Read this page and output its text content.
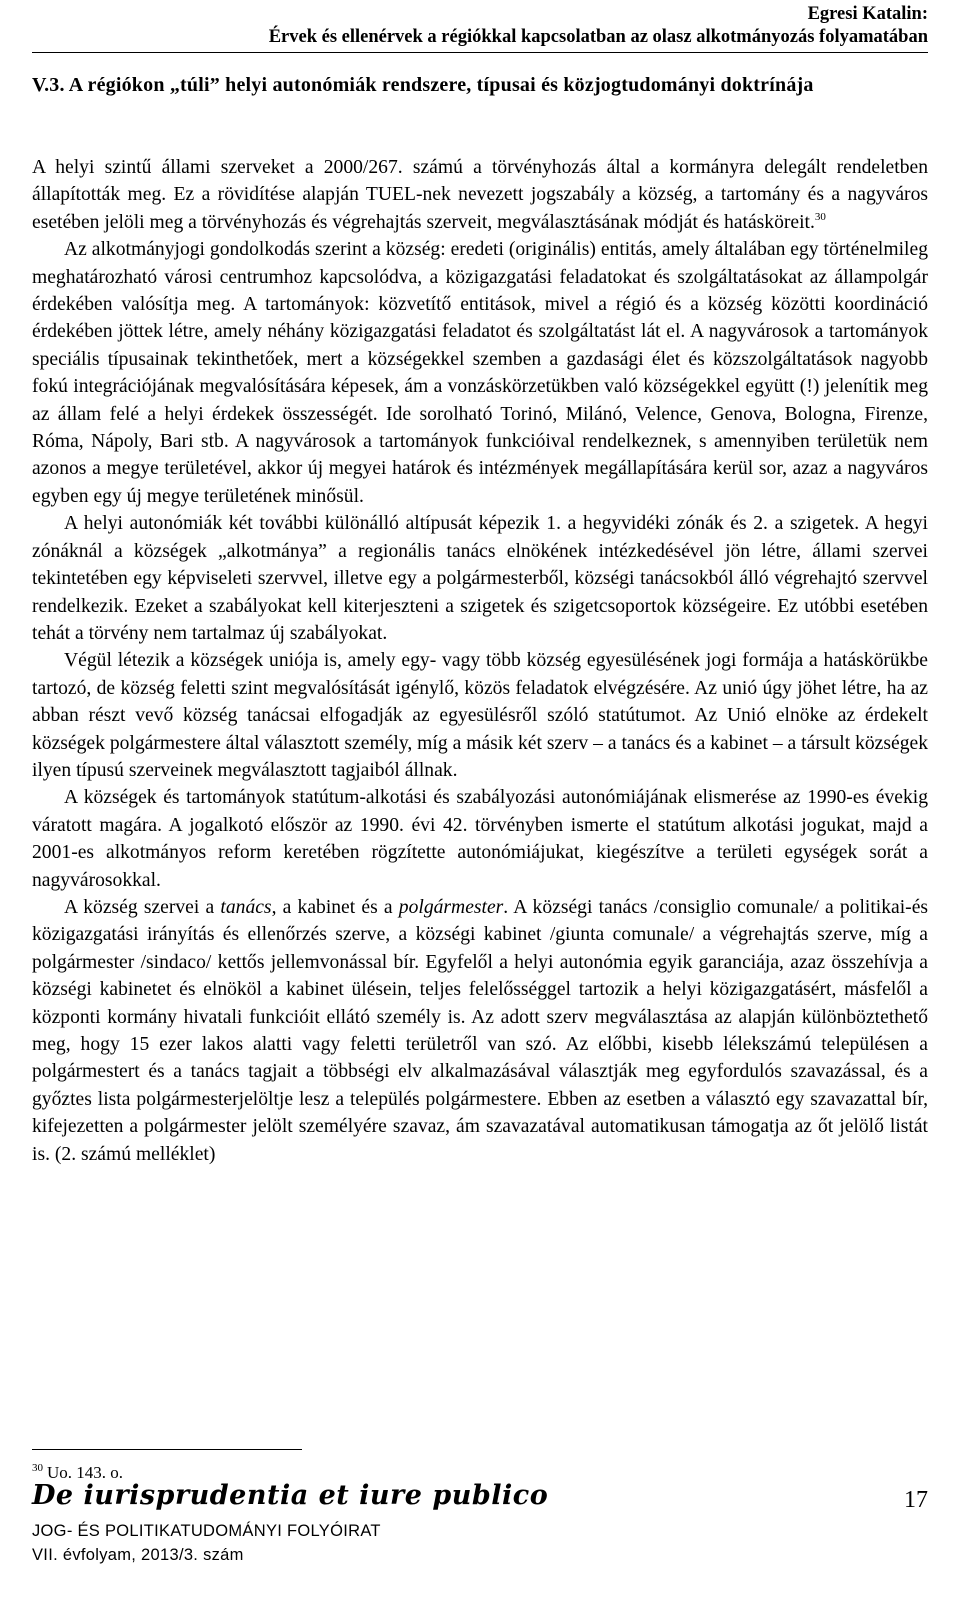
Egresi Katalin:
Érvek és ellenérvek a régiókkal kapcsolatban az olasz alkotmányozás folyamatában
V.3. A régiókon „túli” helyi autonómiák rendszere, típusai és közjogtudományi doktrínája

A helyi szintű állami szerveket a 2000/267. számú a törvényhozás által a kormányra delegált rendeletben állapították meg. Ez a rövidítése alapján TUEL-nek nevezett jogszabály a község, a tartomány és a nagyváros esetében jelöli meg a törvényhozás és végrehajtás szerveit, megválasztásának módját és hatásköreit.$^{30}$

Az alkotmányjogi gondolkodás szerint a község: eredeti (originális) entitás, amely általában egy történelmileg meghatározható városi centrumhoz kapcsolódva, a közigazgatási feladatokat és szolgáltatásokat az állampolgár érdekében valósítja meg. A tartományok: közvetítő entitások, mivel a régió és a község közötti koordináció érdekében jöttek létre, amely néhány közigazgatási feladatot és szolgáltatást lát el. A nagyvárosok a tartományok speciális típusainak tekinthetőek, mert a községekkel szemben a gazdasági élet és közszolgáltatások nagyobb fokú integrációjának megvalósítására képesek, ám a vonzáskörzetükben való községekkel együtt (!) jelenítik meg az állam felé a helyi érdekek összességét. Ide sorolható Torinó, Milánó, Velence, Genova, Bologna, Firenze, Róma, Nápoly, Bari stb. A nagyvárosok a tartományok funkcióival rendelkeznek, s amennyiben területük nem azonos a megye területével, akkor új megyei határok és intézmények megállapítására kerül sor, azaz a nagyváros egyben egy új megye területének minősül.

A helyi autonómiák két további különálló altípusát képezik 1. a hegyvidéki zónák és 2. a szigetek. A hegyi zónáknál a községek „alkotmánya” a regionális tanács elnökének intézkedésével jön létre, állami szervei tekintetében egy képviseleti szervvel, illetve egy a polgármesterből, községi tanácsokból álló végrehajtó szervvel rendelkezik. Ezeket a szabályokat kell kiterjeszteni a szigetek és szigetcsoportok községeire. Ez utóbbi esetében tehát a törvény nem tartalmaz új szabályokat.

Végül létezik a községek uniója is, amely egy- vagy több község egyesülésének jogi formája a hatáskörükbe tartozó, de község feletti szint megvalósítását igénylő, közös feladatok elvégzésére. Az unió úgy jöhet létre, ha az abban részt vevő község tanácsai elfogadják az egyesülésről szóló statútumot. Az Unió elnöke az érdekelt községek polgármestere által választott személy, míg a másik két szerv – a tanács és a kabinet – a társult községek ilyen típusú szerveinek megválasztott tagjaiból állnak.

A községek és tartományok statútum-alkotási és szabályozási autonómiájának elismerése az 1990-es évekig váratott magára. A jogalkotó először az 1990. évi 42. törvényben ismerte el statútum alkotási jogukat, majd a 2001-es alkotmányos reform keretében rögzítette autonómiájukat, kiegészítve a területi egységek sorát a nagyvárosokkal.

A község szervei a tanács, a kabinet és a polgármester. A községi tanács /consiglio comunale/ a politikai-és közigazgatási irányítás és ellenőrzés szerve, a községi kabinet /giunta comunale/ a végrehajtás szerve, míg a polgármester /sindaco/ kettős jellemvonással bír. Egyfelől a helyi autonómia egyik garanciája, azaz összehívja a községi kabinetet és elnököl a kabinet ülésein, teljes felelősséggel tartozik a helyi közigazgatásért, másfelől a központi kormány hivatali funkcióit ellátó személy is. Az adott szerv megválasztása az alapján különböztethető meg, hogy 15 ezer lakos alatti vagy feletti területről van szó. Az előbbi, kisebb lélekszámú településen a polgármestert és a tanács tagjait a többségi elv alkalmazásával választják meg egyfordulós szavazással, és a győztes lista polgármesterjelöltje lesz a település polgármestere. Ebben az esetben a választó egy szavazattal bír, kifejezetten a polgármester jelölt személyére szavaz, ám szavazatával automatikusan támogatja az őt jelölő listát is. (2. számú melléklet)

$^{30}$ Uo. 143. o.
De iurisprudentia et iure publico	17
JOG- ÉS POLITIKATUDOMÁNYI FOLYÓIRAT
VII. évfolyam, 2013/3. szám
